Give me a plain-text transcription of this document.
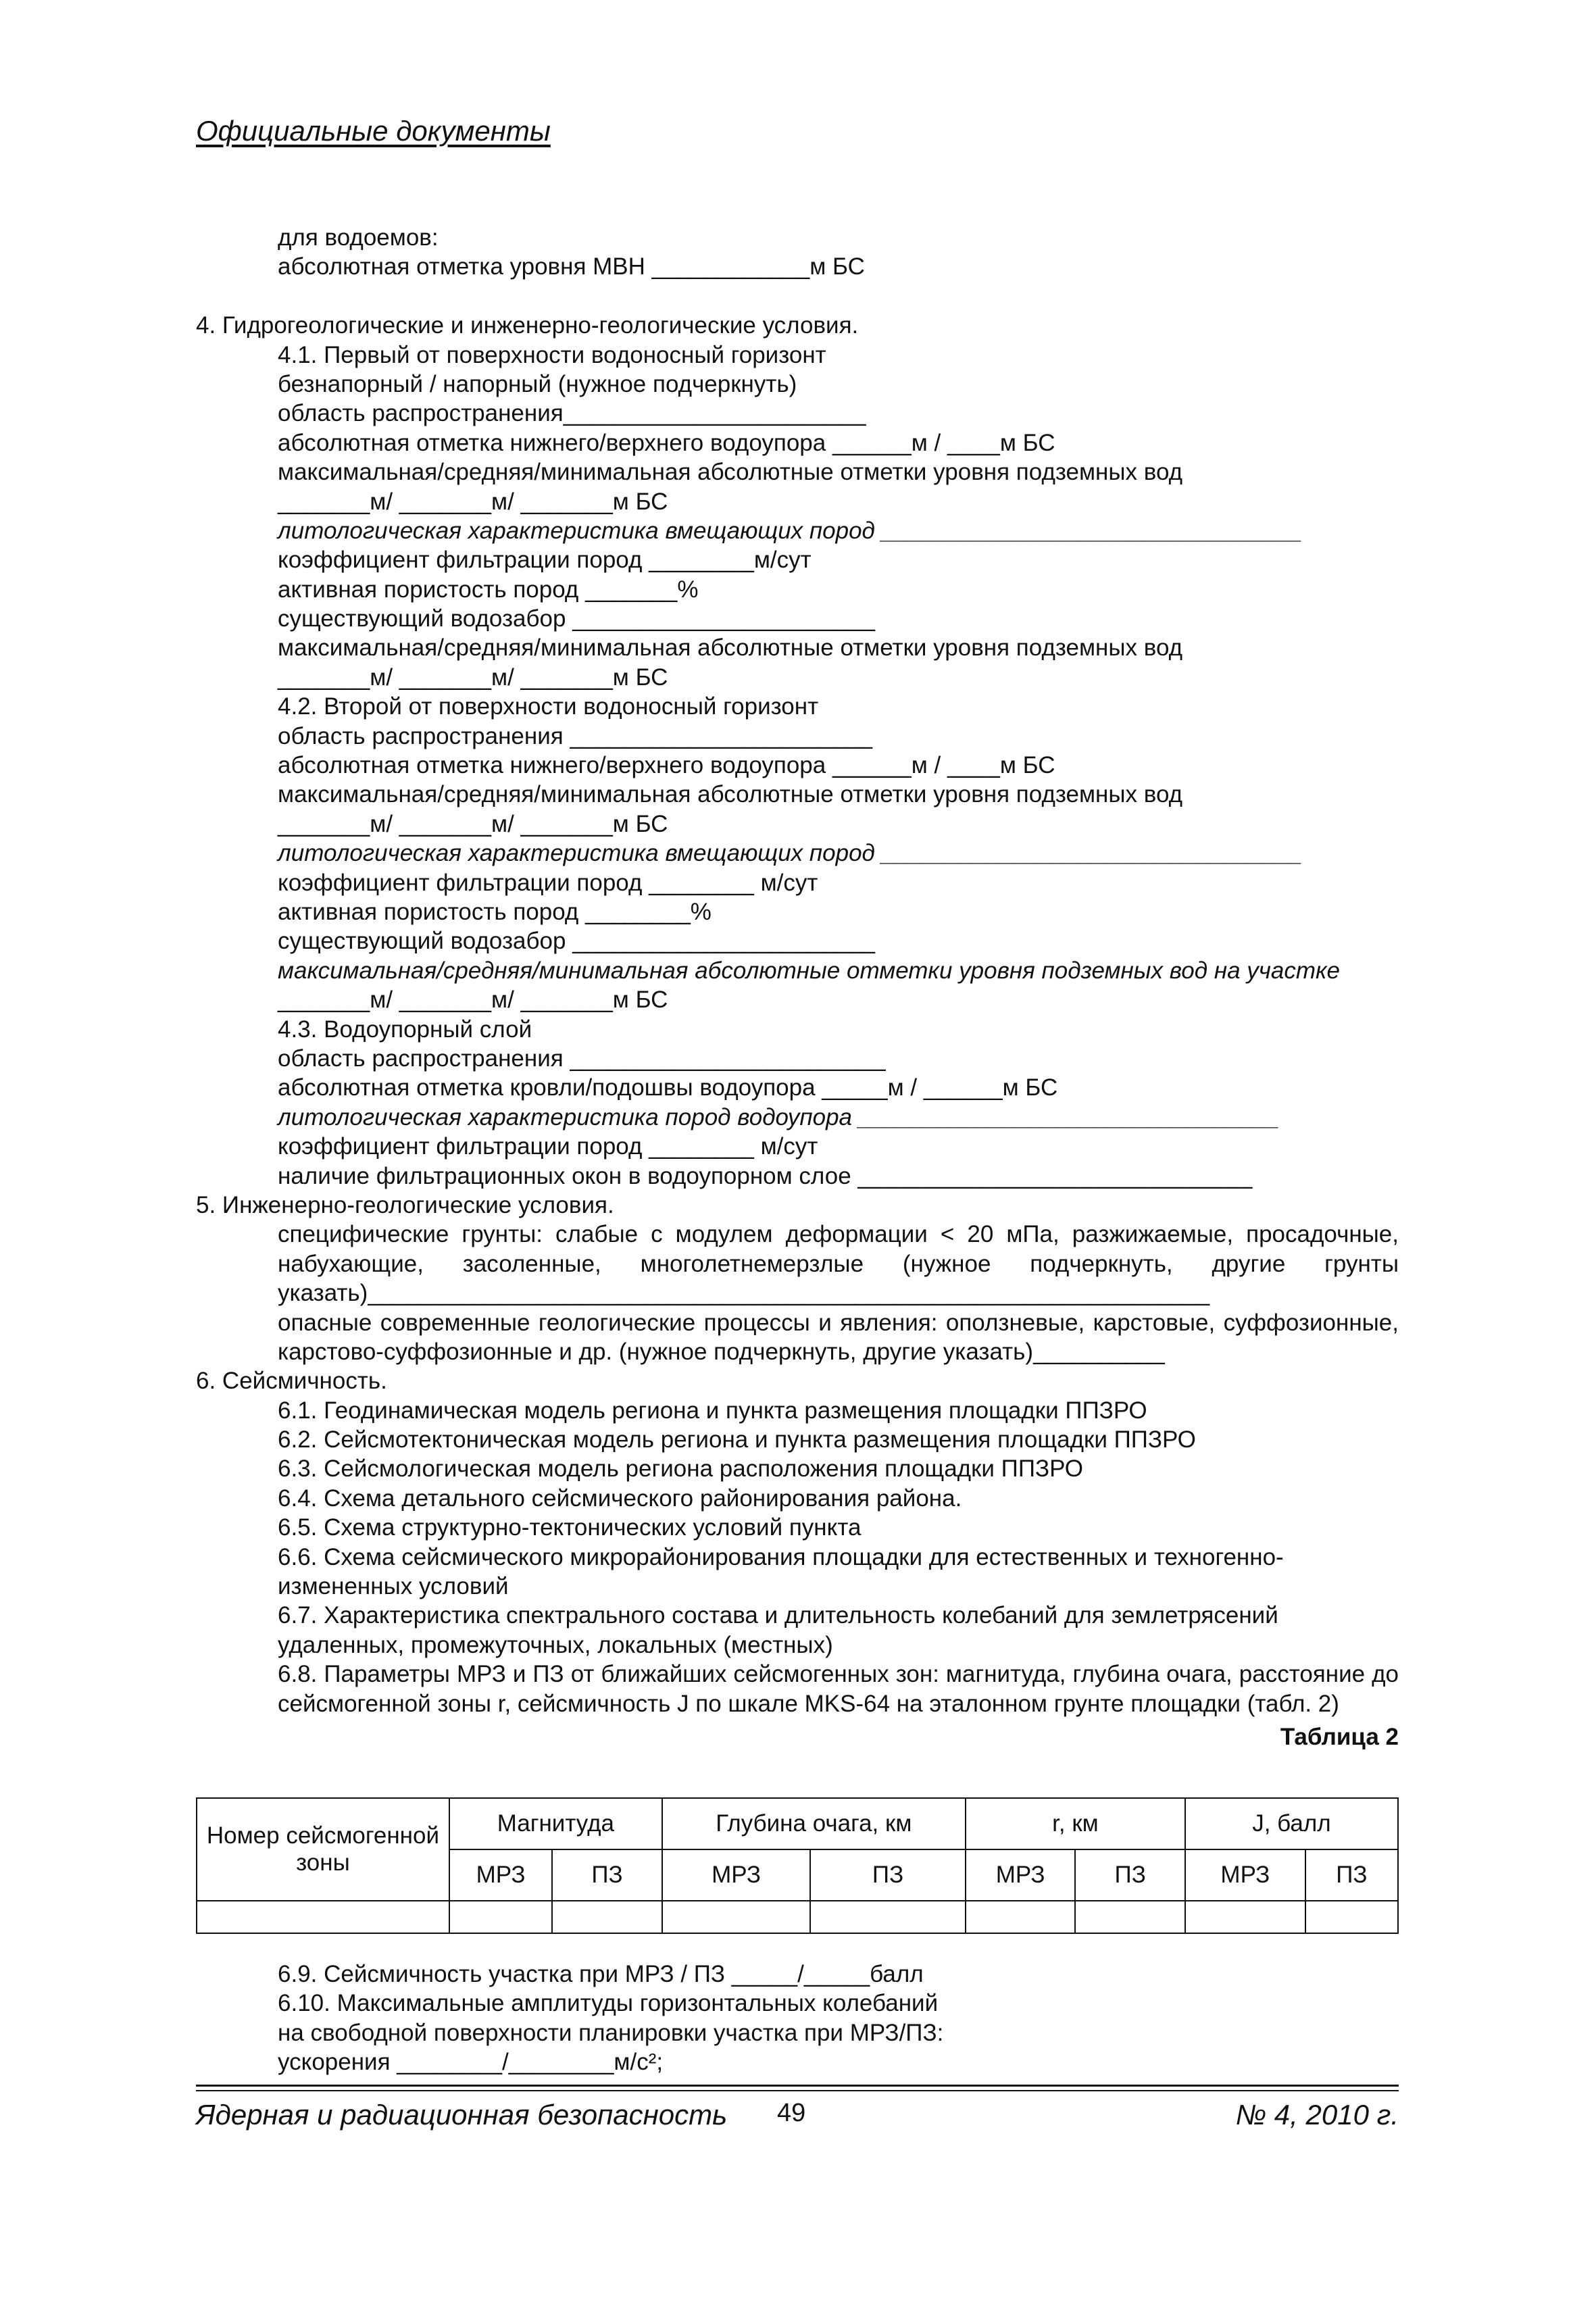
Официальные документы
для водоемов:
абсолютная отметка уровня МВН ____________м БС
4. Гидрогеологические и инженерно-геологические условия.
4.1. Первый от поверхности водоносный горизонт
безнапорный / напорный (нужное подчеркнуть)
область распространения_______________________
абсолютная отметка нижнего/верхнего водоупора ______м / ____м БС
максимальная/средняя/минимальная абсолютные отметки уровня подземных вод
_______м/ _______м/ _______м БС
литологическая характеристика вмещающих пород ________________________________
коэффициент фильтрации пород ________м/сут
активная пористость пород _______%
существующий водозабор _______________________
максимальная/средняя/минимальная абсолютные отметки уровня подземных вод
_______м/ _______м/ _______м БС
4.2. Второй от поверхности водоносный горизонт
область распространения _______________________
абсолютная отметка нижнего/верхнего водоупора ______м / ____м БС
максимальная/средняя/минимальная абсолютные отметки уровня подземных вод
_______м/ _______м/ _______м БС
литологическая характеристика вмещающих пород ________________________________
коэффициент фильтрации пород ________ м/сут
активная пористость пород ________%
существующий водозабор _______________________
максимальная/средняя/минимальная абсолютные отметки уровня подземных вод на участке
_______м/ _______м/ _______м БС
4.3. Водоупорный слой
область распространения ________________________
абсолютная отметка кровли/подошвы водоупора _____м / ______м БС
литологическая характеристика пород водоупора ________________________________
коэффициент фильтрации пород ________ м/сут
наличие фильтрационных окон в водоупорном слое ______________________________
5. Инженерно-геологические условия.
специфические грунты: слабые с модулем деформации < 20 мПа, разжижаемые, просадочные, набухающие, засоленные, многолетнемерзлые (нужное подчеркнуть, другие грунты указать)________________________________________________________________
опасные современные геологические процессы и явления: оползневые, карстовые, суффозионные, карстово-суффозионные и др. (нужное подчеркнуть, другие указать)__________
6. Сейсмичность.
6.1. Геодинамическая модель региона и пункта размещения площадки ППЗРО
6.2. Сейсмотектоническая модель региона и пункта размещения площадки ППЗРО
6.3. Сейсмологическая модель региона расположения площадки ППЗРО
6.4. Схема детального сейсмического районирования района.
6.5. Схема структурно-тектонических условий пункта
6.6. Схема сейсмического микрорайонирования площадки для естественных и техногенно-измененных условий
6.7. Характеристика спектрального состава и длительность колебаний для землетрясений удаленных, промежуточных, локальных (местных)
6.8. Параметры МРЗ и ПЗ от ближайших сейсмогенных зон: магнитуда, глубина очага, расстояние до сейсмогенной зоны r, сейсмичность J по шкале MKS-64 на эталонном грунте площадки (табл. 2)
Таблица 2
Номер сейсмогенной зоны	Магнитуда		Глубина очага, км		r, км		J, балл	
	МРЗ	ПЗ	МРЗ	ПЗ	МРЗ	ПЗ	МРЗ	ПЗ

6.9. Сейсмичность участка при МРЗ / ПЗ _____/_____балл
6.10. Максимальные амплитуды горизонтальных колебаний
на свободной поверхности планировки участка при МРЗ/ПЗ:
ускорения ________/________м/с²;
Ядерная и радиационная безопасность 49	№ 4, 2010 г.
